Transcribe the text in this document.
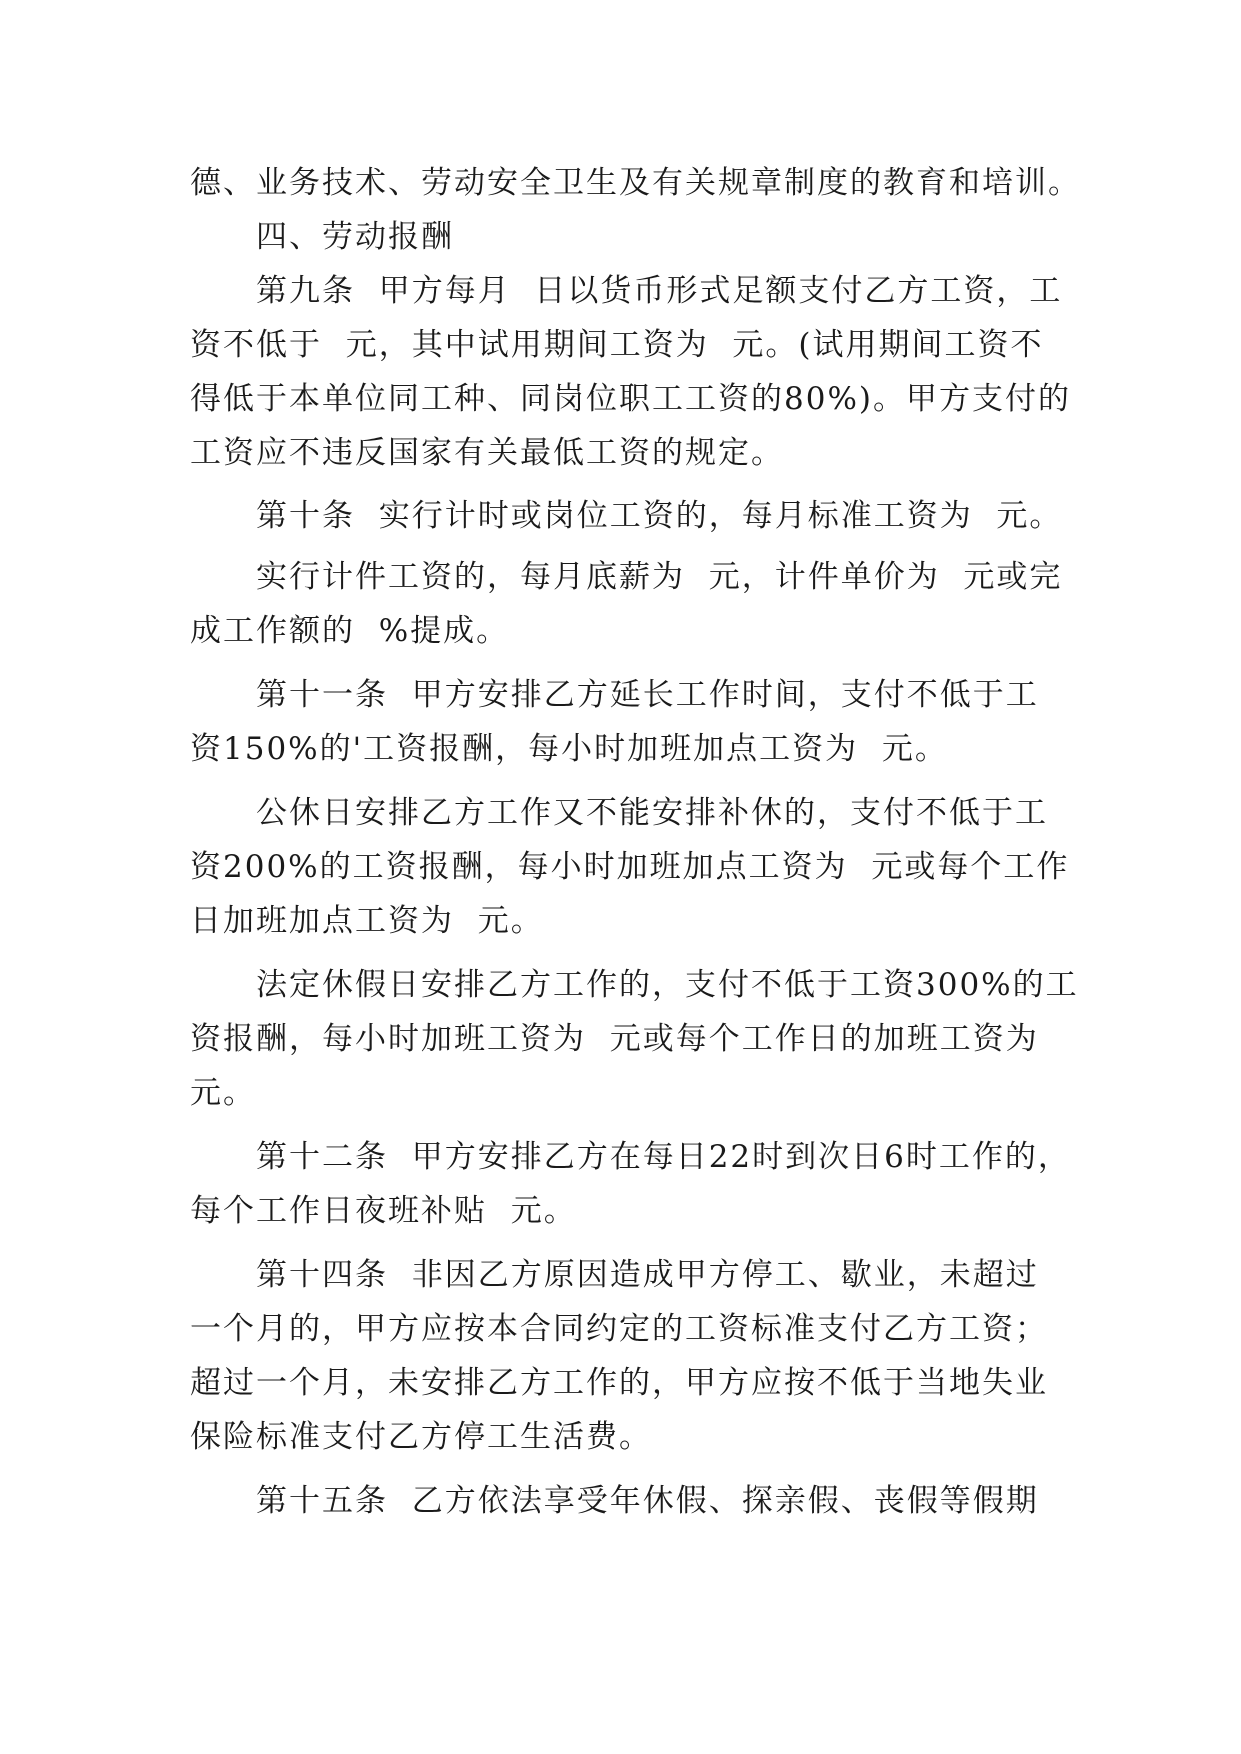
德、业务技术、劳动安全卫生及有关规章制度的教育和培训。
四、劳动报酬
第九条  甲方每月  日以货币形式足额支付乙方工资，工
资不低于  元，其中试用期间工资为  元。(试用期间工资不
得低于本单位同工种、同岗位职工工资的80%)。甲方支付的
工资应不违反国家有关最低工资的规定。
第十条  实行计时或岗位工资的，每月标准工资为  元。
实行计件工资的，每月底薪为  元，计件单价为  元或完
成工作额的  %提成。
第十一条  甲方安排乙方延长工作时间，支付不低于工
资150%的'工资报酬，每小时加班加点工资为  元。
公休日安排乙方工作又不能安排补休的，支付不低于工
资200%的工资报酬，每小时加班加点工资为  元或每个工作
日加班加点工资为  元。
法定休假日安排乙方工作的，支付不低于工资300%的工
资报酬，每小时加班工资为  元或每个工作日的加班工资为
元。
第十二条  甲方安排乙方在每日22时到次日6时工作的，
每个工作日夜班补贴  元。
第十四条  非因乙方原因造成甲方停工、歇业，未超过
一个月的，甲方应按本合同约定的工资标准支付乙方工资；
超过一个月，未安排乙方工作的，甲方应按不低于当地失业
保险标准支付乙方停工生活费。
第十五条  乙方依法享受年休假、探亲假、丧假等假期
